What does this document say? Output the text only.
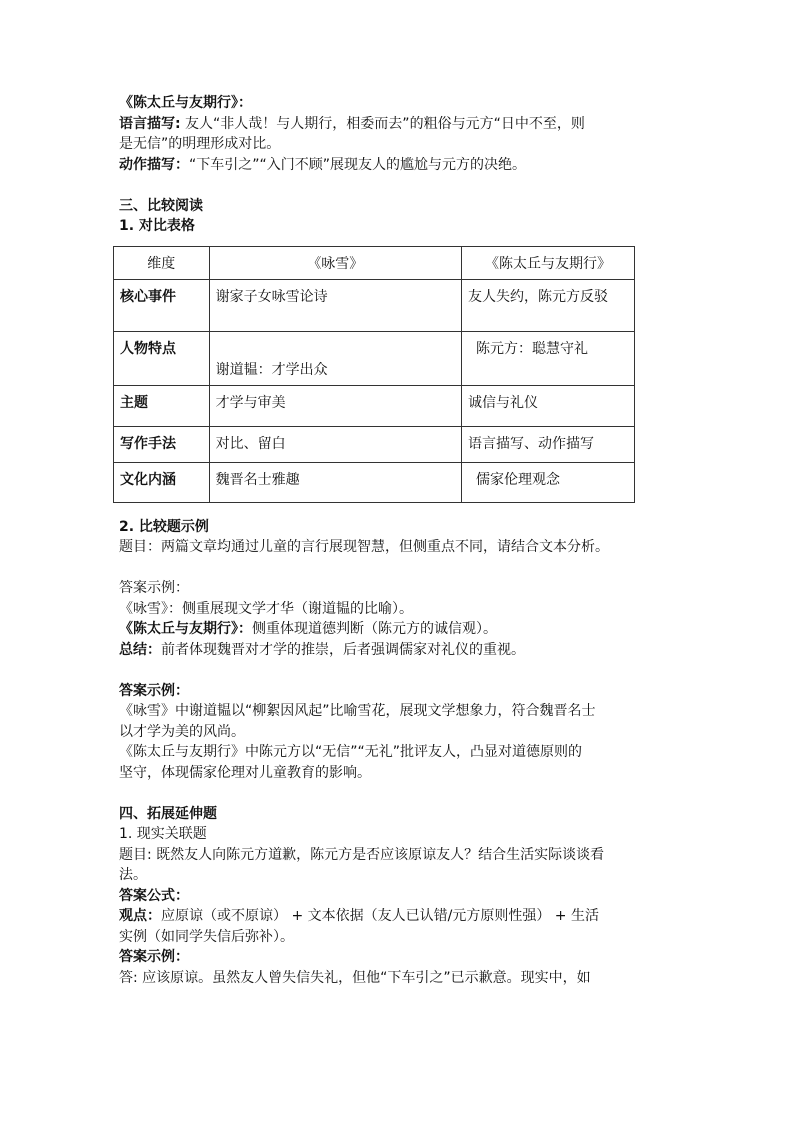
《陈太丘与友期行》：
语言描写: 友人“非人哉！与人期行，相委而去”的粗俗与元方“日中不至，则
是无信”的明理形成对比。
动作描写：“下车引之”“入门不顾”展现友人的尴尬与元方的决绝。
三、比较阅读
1. 对比表格
维度	《咏雪》	《陈太丘与友期行》
核心事件	谢家子女咏雪论诗	友人失约，陈元方反驳
人物特点	谢道韫：才学出众	陈元方：聪慧守礼
主题	才学与审美	诚信与礼仪
写作手法	对比、留白	语言描写、动作描写
文化内涵	魏晋名士雅趣	儒家伦理观念
2. 比较题示例
题目：两篇文章均通过儿童的言行展现智慧，但侧重点不同，请结合文本分析。
答案示例：
《咏雪》：侧重展现文学才华（谢道韫的比喻）。
《陈太丘与友期行》：侧重体现道德判断（陈元方的诚信观）。
总结：前者体现魏晋对才学的推崇，后者强调儒家对礼仪的重视。
答案示例：
《咏雪》中谢道韫以“柳絮因风起”比喻雪花，展现文学想象力，符合魏晋名士
以才学为美的风尚。
《陈太丘与友期行》中陈元方以“无信”“无礼”批评友人，凸显对道德原则的
坚守，体现儒家伦理对儿童教育的影响。
四、拓展延伸题
1. 现实关联题
题目: 既然友人向陈元方道歉，陈元方是否应该原谅友人？结合生活实际谈谈看
法。
答案公式：
观点：应原谅（或不原谅） + 文本依据（友人已认错/元方原则性强） + 生活
实例（如同学失信后弥补）。
答案示例：
答: 应该原谅。虽然友人曾失信失礼，但他“下车引之”已示歉意。现实中，如
